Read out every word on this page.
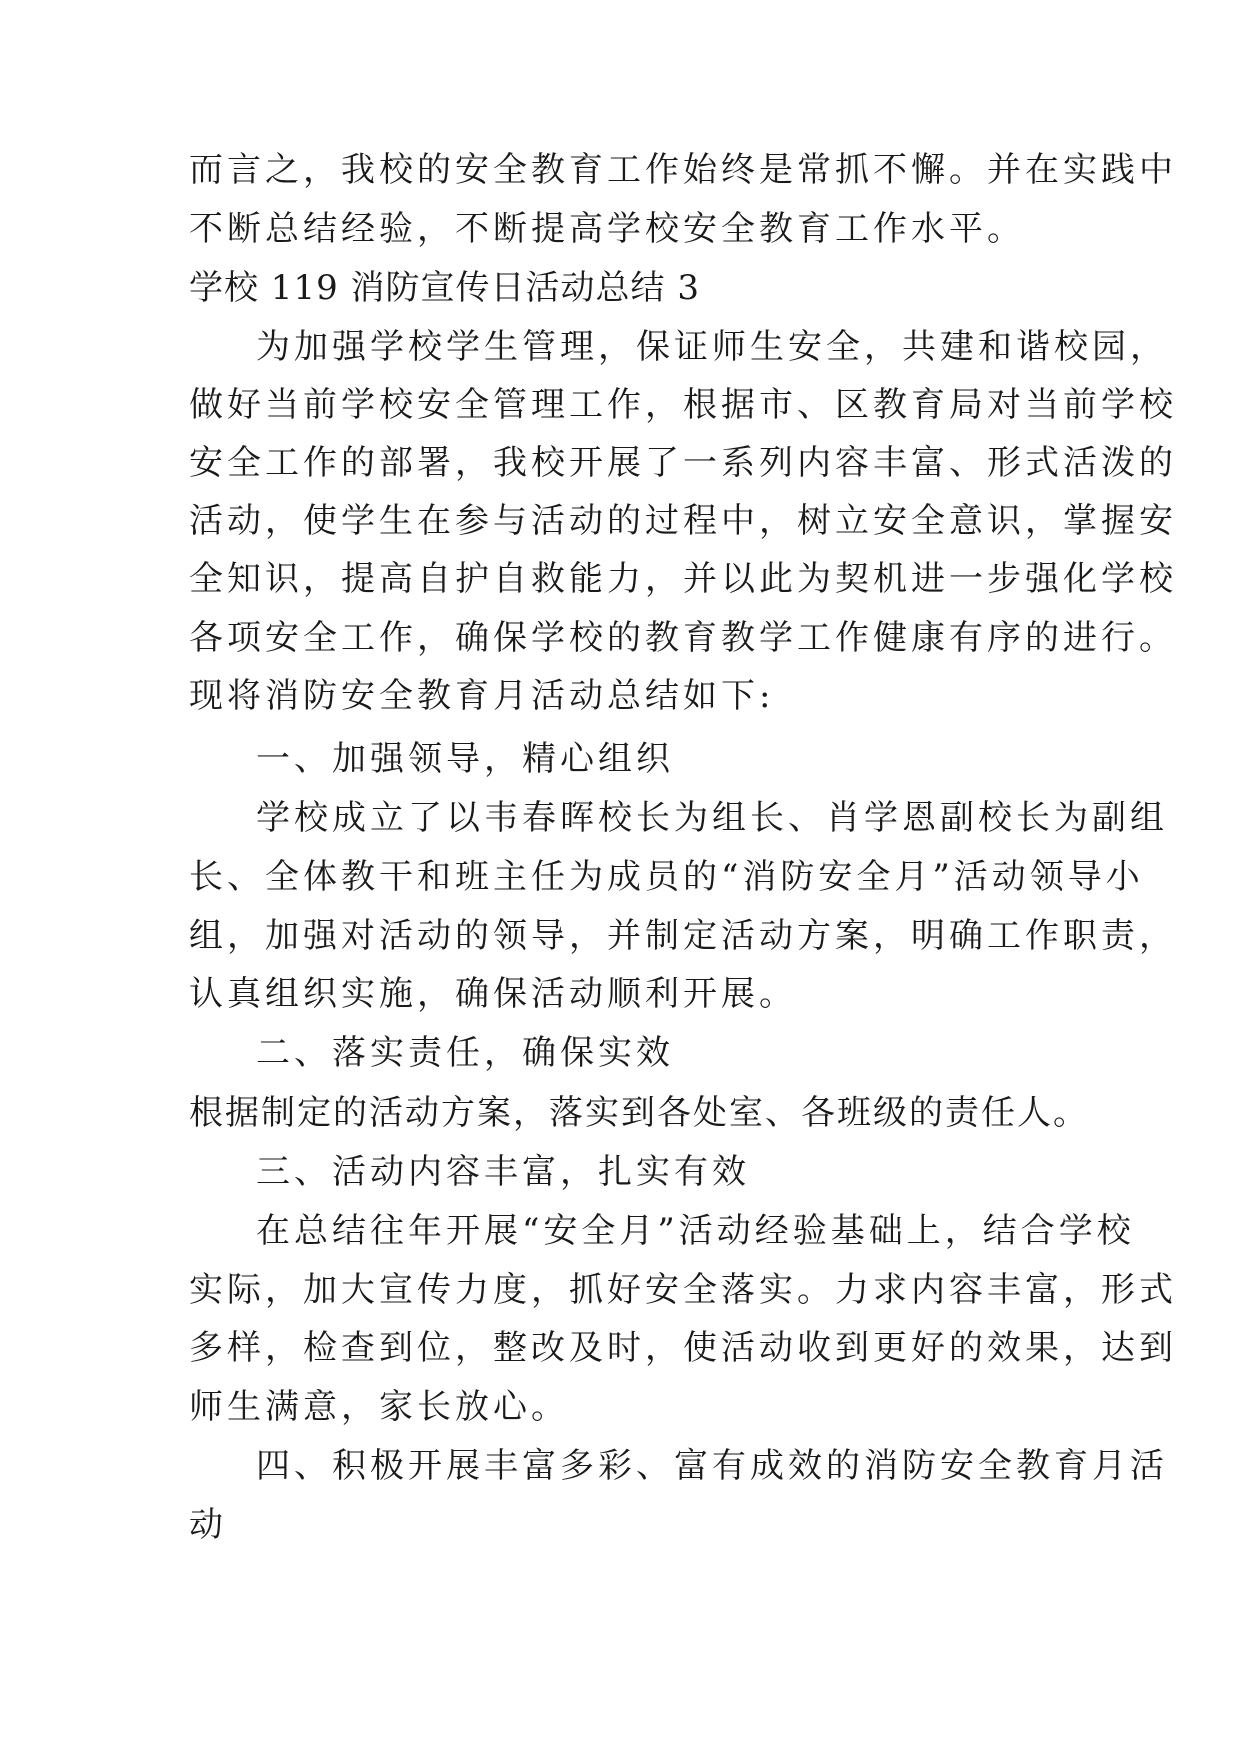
而言之，我校的安全教育工作始终是常抓不懈。并在实践中
不断总结经验，不断提高学校安全教育工作水平。
学校 119 消防宣传日活动总结 3
为加强学校学生管理，保证师生安全，共建和谐校园，
做好当前学校安全管理工作，根据市、区教育局对当前学校
安全工作的部署，我校开展了一系列内容丰富、形式活泼的
活动，使学生在参与活动的过程中，树立安全意识，掌握安
全知识，提高自护自救能力，并以此为契机进一步强化学校
各项安全工作，确保学校的教育教学工作健康有序的进行。
现将消防安全教育月活动总结如下:
一、加强领导，精心组织
学校成立了以韦春晖校长为组长、肖学恩副校长为副组
长、全体教干和班主任为成员的“消防安全月”活动领导小
组，加强对活动的领导，并制定活动方案，明确工作职责，
认真组织实施，确保活动顺利开展。
二、落实责任，确保实效
根据制定的活动方案，落实到各处室、各班级的责任人。
三、活动内容丰富，扎实有效
在总结往年开展“安全月”活动经验基础上，结合学校
实际，加大宣传力度，抓好安全落实。力求内容丰富，形式
多样，检查到位，整改及时，使活动收到更好的效果，达到
师生满意，家长放心。
四、积极开展丰富多彩、富有成效的消防安全教育月活
动
